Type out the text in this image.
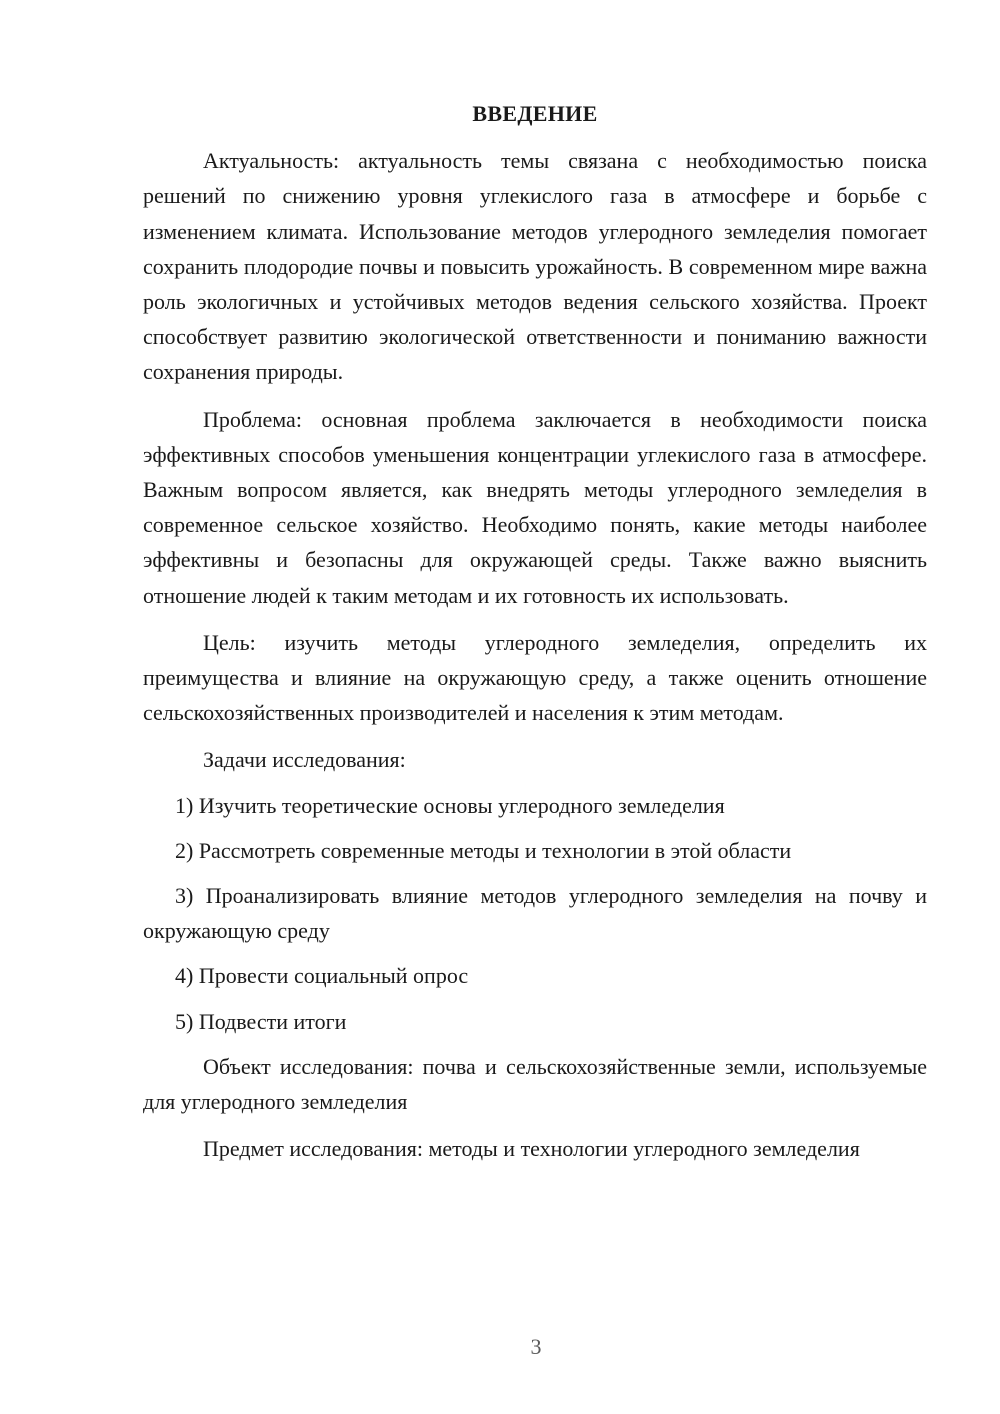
ВВЕДЕНИЕ

Актуальность: актуальность темы связана с необходимостью поиска решений по снижению уровня углекислого газа в атмосфере и борьбе с изменением климата. Использование методов углеродного земледелия помогает сохранить плодородие почвы и повысить урожайность. В современном мире важна роль экологичных и устойчивых методов ведения сельского хозяйства. Проект способствует развитию экологической ответственности и пониманию важности сохранения природы.

Проблема: основная проблема заключается в необходимости поиска эффективных способов уменьшения концентрации углекислого газа в атмосфере. Важным вопросом является, как внедрять методы углеродного земледелия в современное сельское хозяйство. Необходимо понять, какие методы наиболее эффективны и безопасны для окружающей среды. Также важно выяснить отношение людей к таким методам и их готовность их использовать.

Цель: изучить методы углеродного земледелия, определить их преимущества и влияние на окружающую среду, а также оценить отношение сельскохозяйственных производителей и населения к этим методам.

Задачи исследования:

1) Изучить теоретические основы углеродного земледелия

2) Рассмотреть современные методы и технологии в этой области

3) Проанализировать влияние методов углеродного земледелия на почву и окружающую среду

4) Провести социальный опрос

5) Подвести итоги

Объект исследования: почва и сельскохозяйственные земли, используемые для углеродного земледелия

Предмет исследования: методы и технологии углеродного земледелия

3
